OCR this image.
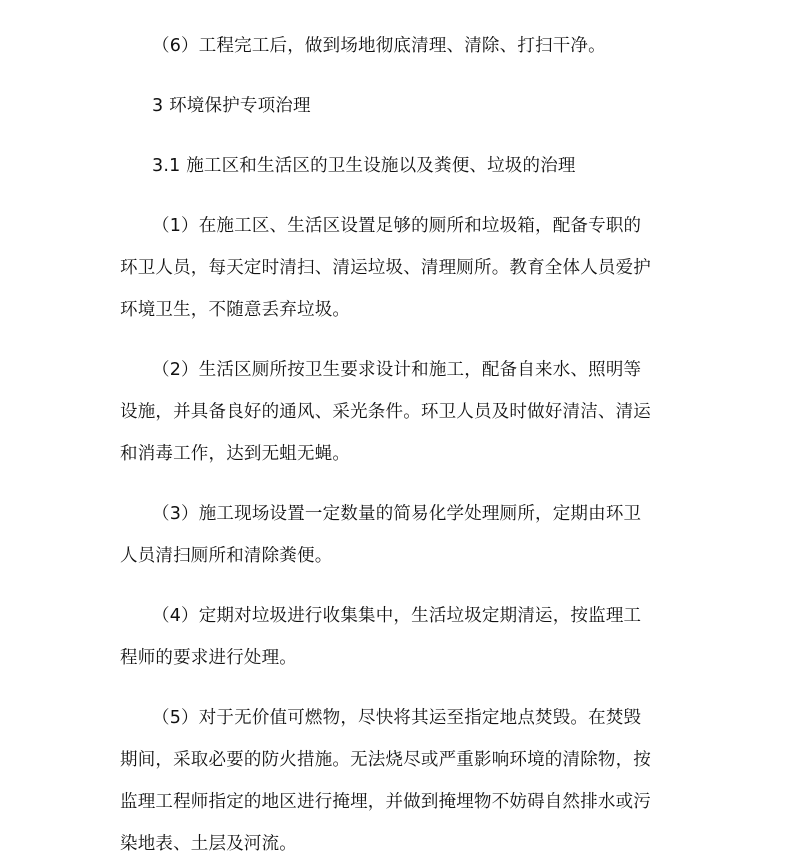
（6）工程完工后，做到场地彻底清理、清除、打扫干净。
3 环境保护专项治理
3.1 施工区和生活区的卫生设施以及粪便、垃圾的治理
（1）在施工区、生活区设置足够的厕所和垃圾箱，配备专职的
环卫人员，每天定时清扫、清运垃圾、清理厕所。教育全体人员爱护
环境卫生，不随意丢弃垃圾。
（2）生活区厕所按卫生要求设计和施工，配备自来水、照明等
设施，并具备良好的通风、采光条件。环卫人员及时做好清洁、清运
和消毒工作，达到无蛆无蝇。
（3）施工现场设置一定数量的简易化学处理厕所，定期由环卫
人员清扫厕所和清除粪便。
（4）定期对垃圾进行收集集中，生活垃圾定期清运，按监理工
程师的要求进行处理。
（5）对于无价值可燃物，尽快将其运至指定地点焚毁。在焚毁
期间，采取必要的防火措施。无法烧尽或严重影响环境的清除物，按
监理工程师指定的地区进行掩埋，并做到掩埋物不妨碍自然排水或污
染地表、土层及河流。
